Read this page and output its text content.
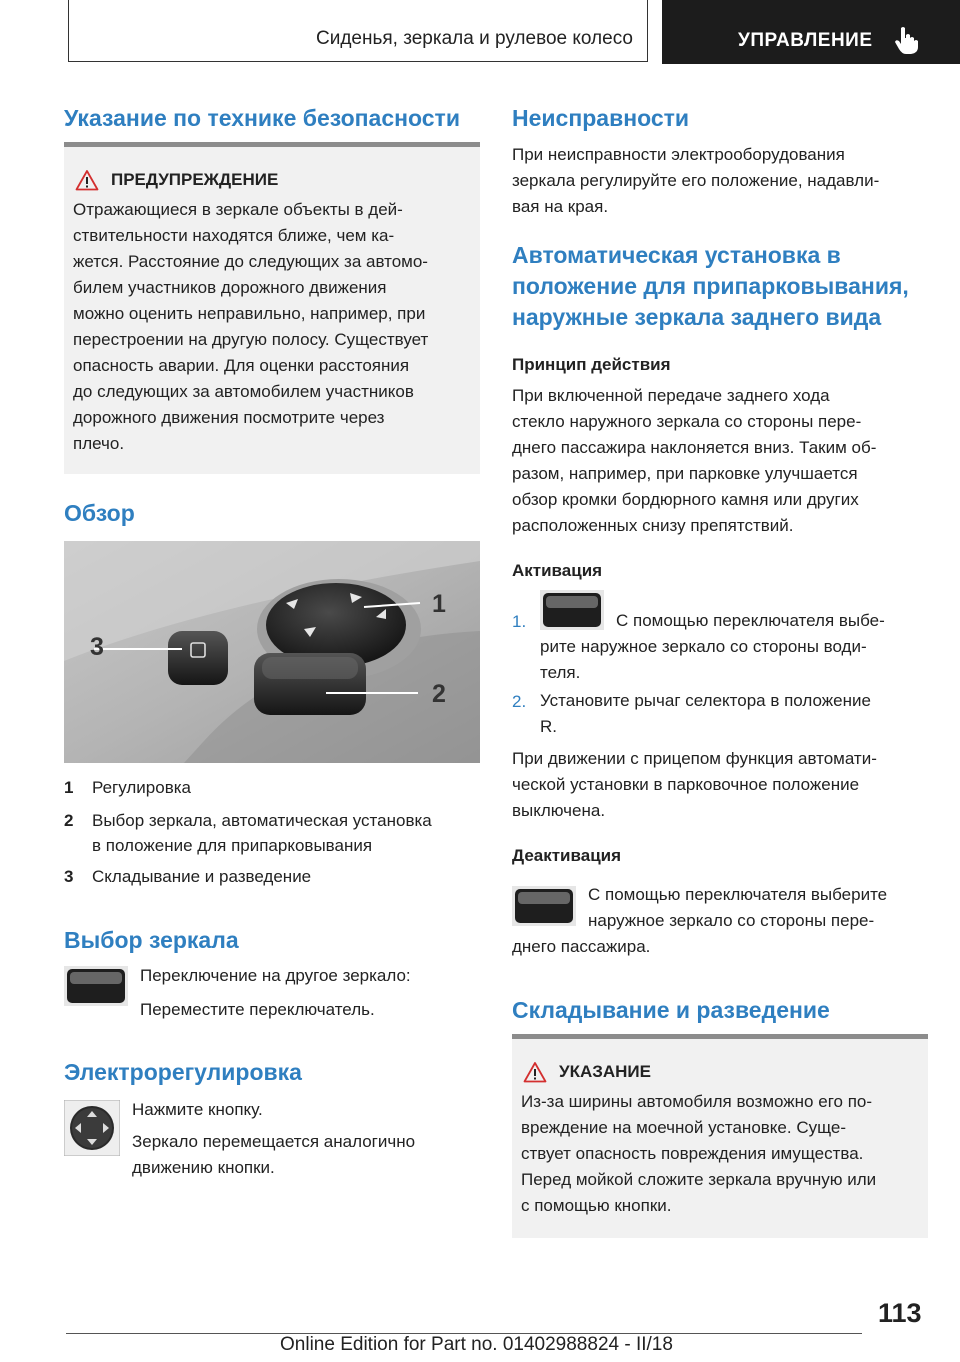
Сиденья, зеркала и рулевое колесо	УПРАВЛЕНИЕ
Указание по технике безопасности
ПРЕДУПРЕЖДЕНИЕ

Отражающиеся в зеркале объекты в дей-

ствительности находятся ближе, чем ка-

жется. Расстояние до следующих за автомо-

билем участников дорожного движения

можно оценить неправильно, например, при

перестроении на другую полосу. Существует

опасность аварии. Для оценки расстояния

до следующих за автомобилем участников

дорожного движения посмотрите через

плечо.

Обзор
3
1
2
1 Регулировка
2 Выбор зеркала, автоматическая установка
в положение для припарковывания
3 Складывание и разведение
Выбор зеркала

Переключение на другое зеркало:

Переместите переключатель.

Электрорегулировка

Нажмите кнопку.

Зеркало перемещается аналогично

движению кнопки.

Неисправности

При неисправности электрооборудования

зеркала регулируйте его положение, надавли-

вая на края.

Автоматическая установка в
положение для припарковывания,
наружные зеркала заднего вида
Принцип действия

При включенной передаче заднего хода

стекло наружного зеркала со стороны пере-

днего пассажира наклоняется вниз. Таким об-

разом, например, при парковке улучшается

обзор кромки бордюрного камня или других

расположенных снизу препятствий.

Активация
1.	С помощью переключателя выбе-

рите наружное зеркало со стороны води-

теля.

2. Установите рычаг селектора в положение

R.

При движении с прицепом функция автомати-

ческой установки в парковочное положение

выключена.

Деактивация

С помощью переключателя выберите

наружное зеркало со стороны пере-

днего пассажира.

Складывание и разведение
УКАЗАНИЕ

Из-за ширины автомобиля возможно его по-

вреждение на моечной установке. Суще-

ствует опасность повреждения имущества.

Перед мойкой сложите зеркала вручную или

с помощью кнопки.

113
Online Edition for Part no. 01402988824 - II/18
